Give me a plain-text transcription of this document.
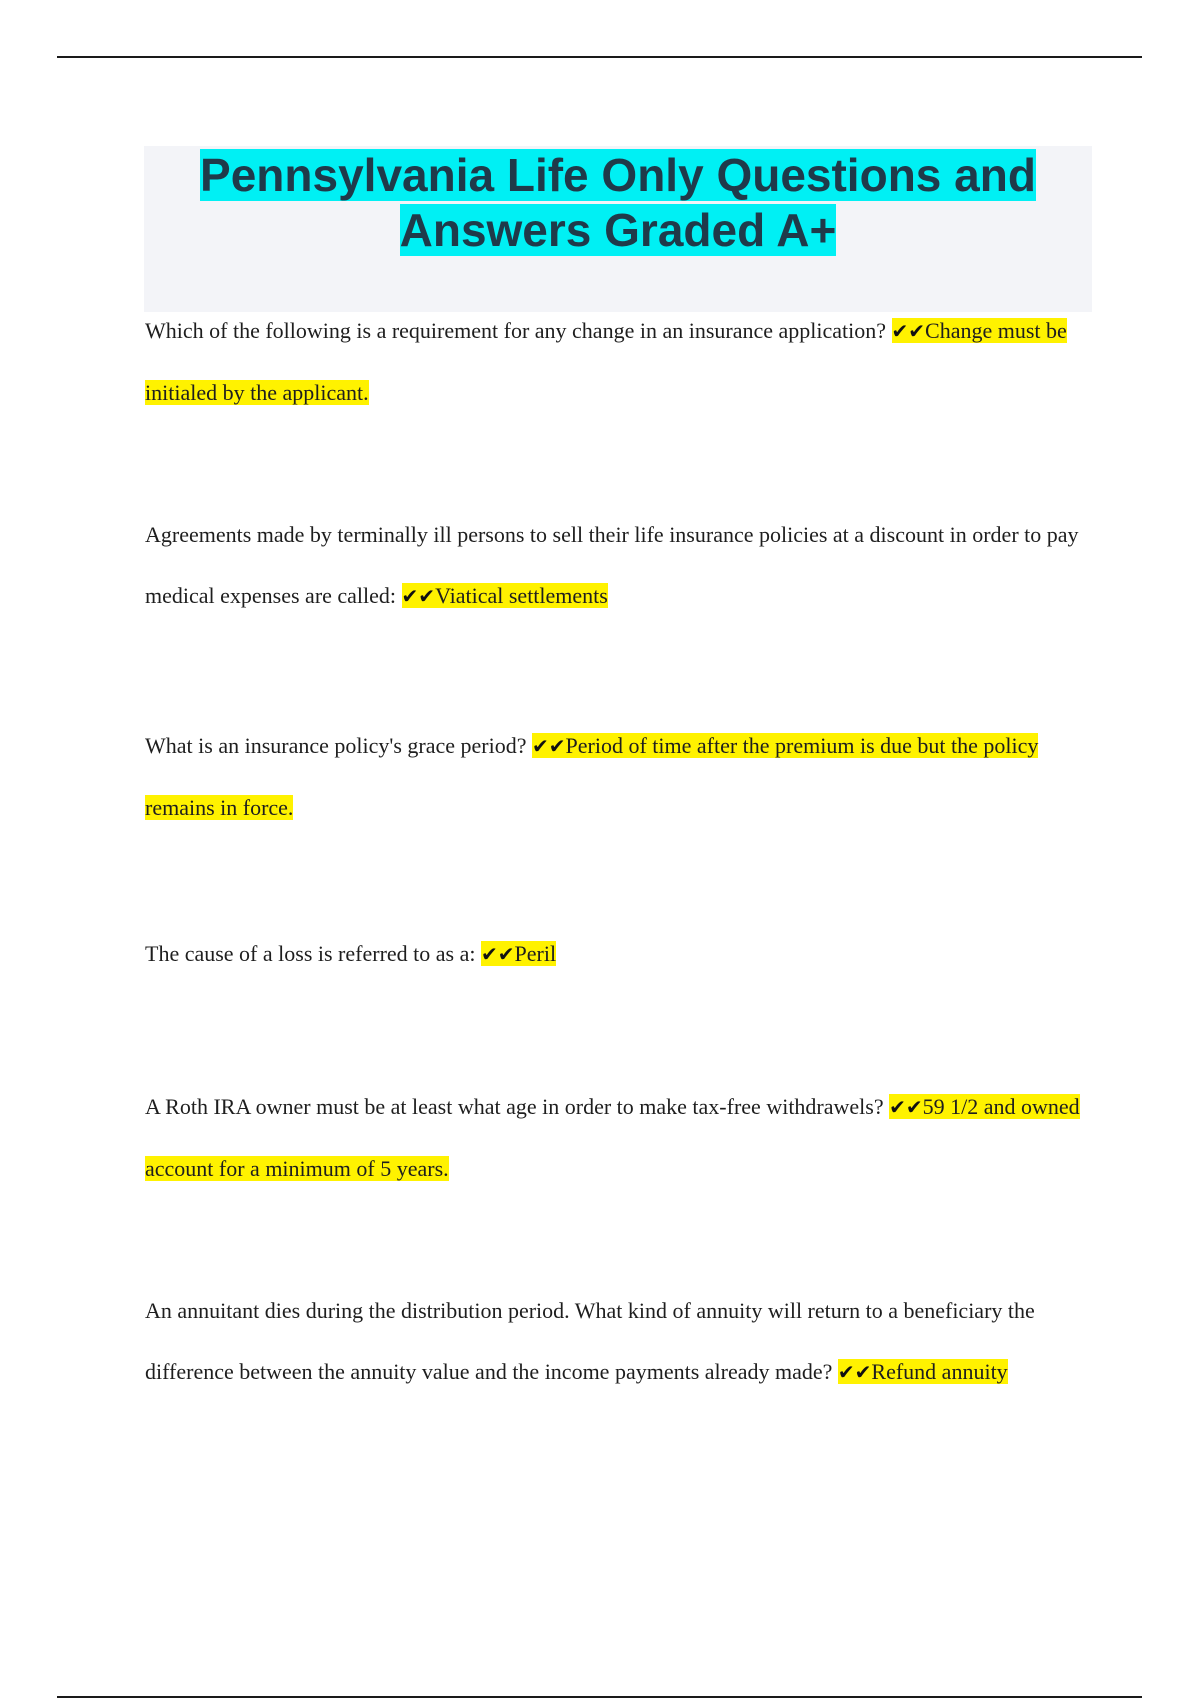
Pennsylvania Life Only Questions and Answers Graded A+

Which of the following is a requirement for any change in an insurance application? ✔✔Change must be initialed by the applicant.

Agreements made by terminally ill persons to sell their life insurance policies at a discount in order to pay medical expenses are called: ✔✔Viatical settlements

What is an insurance policy's grace period? ✔✔Period of time after the premium is due but the policy remains in force.

The cause of a loss is referred to as a: ✔✔Peril

A Roth IRA owner must be at least what age in order to make tax-free withdrawels? ✔✔59 1/2 and owned account for a minimum of 5 years.

An annuitant dies during the distribution period. What kind of annuity will return to a beneficiary the difference between the annuity value and the income payments already made? ✔✔Refund annuity
